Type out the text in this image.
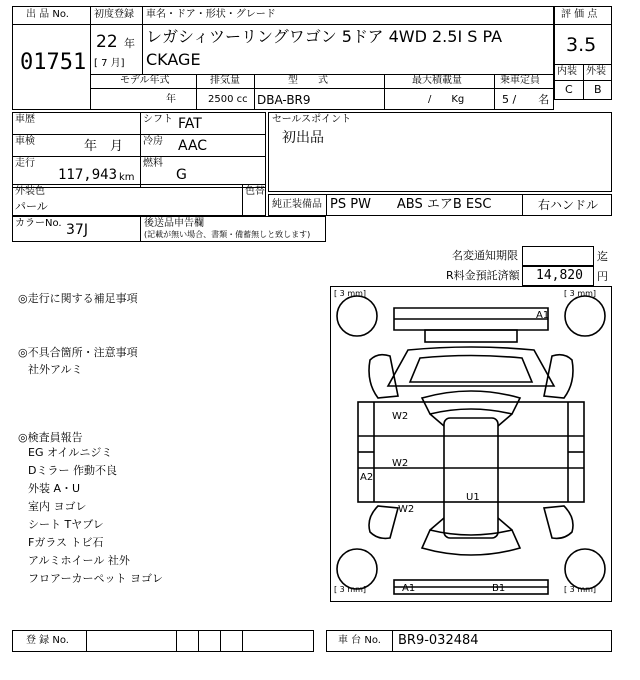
出 品 No.
01751
初度登録
22 年
[ 7 月]
車名・ドア・形状・グレード
レガシィツーリングワゴン 5ドア 4WD 2.5I S PA
CKAGE
モデル年式
年
排気量
2500 cc
型　　式
DBA-BR9
最大積載量
/　　Kg
乗車定員
5 /　　名
評 価 点
3.5
内装 外装
C B
車歴
車検	年　月
走行
117,943 km
シフト FAT
冷房 AAC
燃料
G
セールスポイント
初出品
外装色
パール
色替
純正装備品 PS PW　　ABS エアB ESC	右ハンドル
カラーNo. 37J	後送品申告欄
(記載が無い場合、書類・備蓄無しと致します)
名変通知期限	迄
R料金預託済額 14,820 円
◎走行に関する補足事項
◎不具合箇所・注意事項
社外アルミ
◎検査員報告
EG オイルニジミ
Dミラー 作動不良
外装 A・U
室内 ヨゴレ
シート Tヤブレ
Fガラス トビ石
アルミホイール 社外
フロアーカーペット ヨゴレ
[ 3 mm]	[ 3 mm]
[ 3 mm]	[ 3 mm]
A1
W2
W2
W2
A2
U1
A1	B1
登 録 No.	車 台 No. BR9-032484
